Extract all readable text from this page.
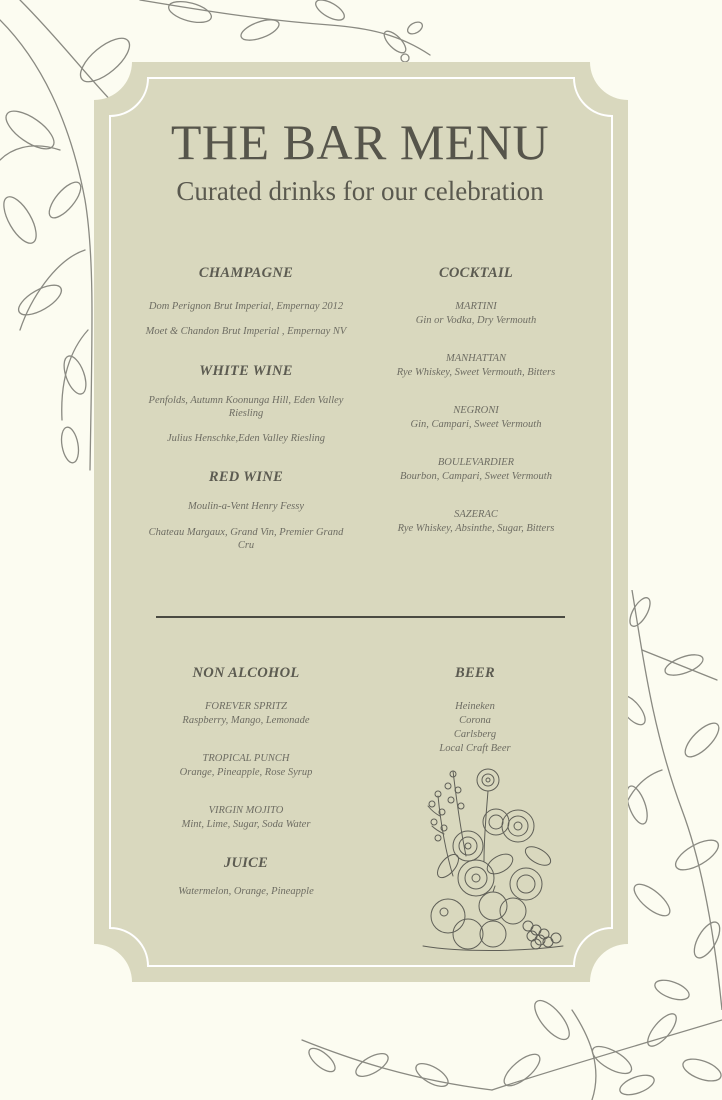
THE BAR MENU
Curated drinks for our celebration
CHAMPAGNE
Dom Perignon Brut Imperial, Empernay 2012
Moet & Chandon Brut Imperial , Empernay NV
WHITE WINE
Penfolds, Autumn Koonunga Hill, Eden Valley
Riesling
Julius Henschke,Eden Valley Riesling
RED WINE
Moulin-a-Vent Henry Fessy
Chateau Margaux, Grand Vin, Premier Grand
Cru
COCKTAIL
MARTINI
Gin or Vodka, Dry Vermouth
MANHATTAN
Rye Whiskey, Sweet Vermouth, Bitters
NEGRONI
Gin, Campari, Sweet Vermouth
BOULEVARDIER
Bourbon, Campari, Sweet Vermouth
SAZERAC
Rye Whiskey, Absinthe, Sugar, Bitters
NON ALCOHOL
FOREVER SPRITZ
Raspberry, Mango, Lemonade
TROPICAL PUNCH
Orange, Pineapple, Rose Syrup
VIRGIN MOJITO
Mint, Lime, Sugar, Soda Water
JUICE
Watermelon, Orange, Pineapple
BEER
Heineken
Corona
Carlsberg
Local Craft Beer
